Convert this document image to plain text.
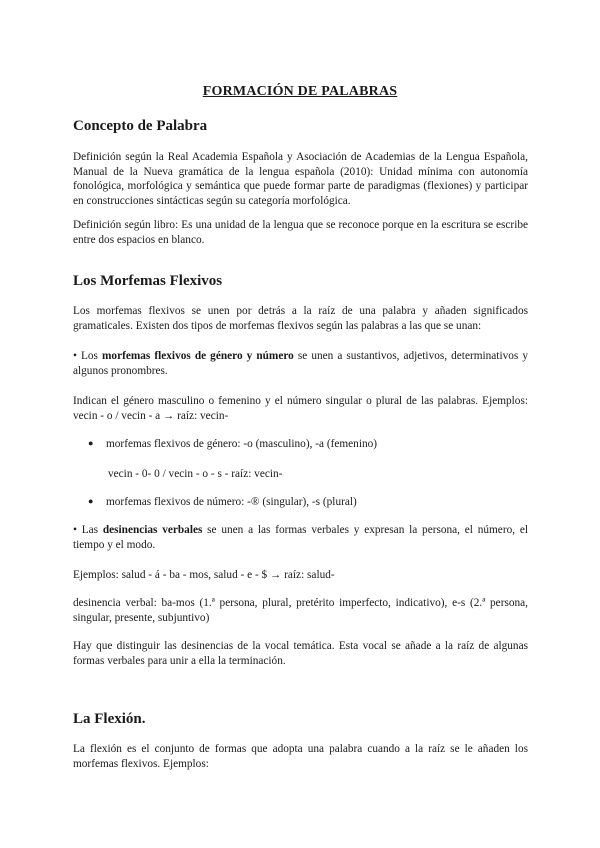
FORMACIÓN DE PALABRAS
Concepto de Palabra

Definición según la Real Academia Española y Asociación de Academias de la Lengua Española, Manual de la Nueva gramática de la lengua española (2010): Unidad mínima con autonomía fonológica, morfológica y semántica que puede formar parte de paradigmas (flexiones) y participar en construcciones sintácticas según su categoría morfológica.

Definición según libro: Es una unidad de la lengua que se reconoce porque en la escritura se escribe entre dos espacios en blanco.

Los Morfemas Flexivos

Los morfemas flexivos se unen por detrás a la raíz de una palabra y añaden significados gramaticales. Existen dos tipos de morfemas flexivos según las palabras a las que se unan:

• Los morfemas flexivos de género y número se unen a sustantivos, adjetivos, determinativos y algunos pronombres.

Indican el género masculino o femenino y el número singular o plural de las palabras. Ejemplos: vecin - o / vecin - a → raíz: vecin-

● morfemas flexivos de género: -o (masculino), -a (femenino)
vecin - 0- 0 / vecin - o - s - raíz: vecin-
● morfemas flexivos de número: -® (singular), -s (plural)

• Las desinencias verbales se unen a las formas verbales y expresan la persona, el número, el tiempo y el modo.

Ejemplos: salud - á - ba - mos, salud - e - $ → raíz: salud-

desinencia verbal: ba-mos (1.ª persona, plural, pretérito imperfecto, indicativo), e-s (2.ª persona, singular, presente, subjuntivo)

Hay que distinguir las desinencias de la vocal temática. Esta vocal se añade a la raíz de algunas formas verbales para unir a ella la terminación.

La Flexión.

La flexión es el conjunto de formas que adopta una palabra cuando a la raíz se le añaden los morfemas flexivos. Ejemplos:
